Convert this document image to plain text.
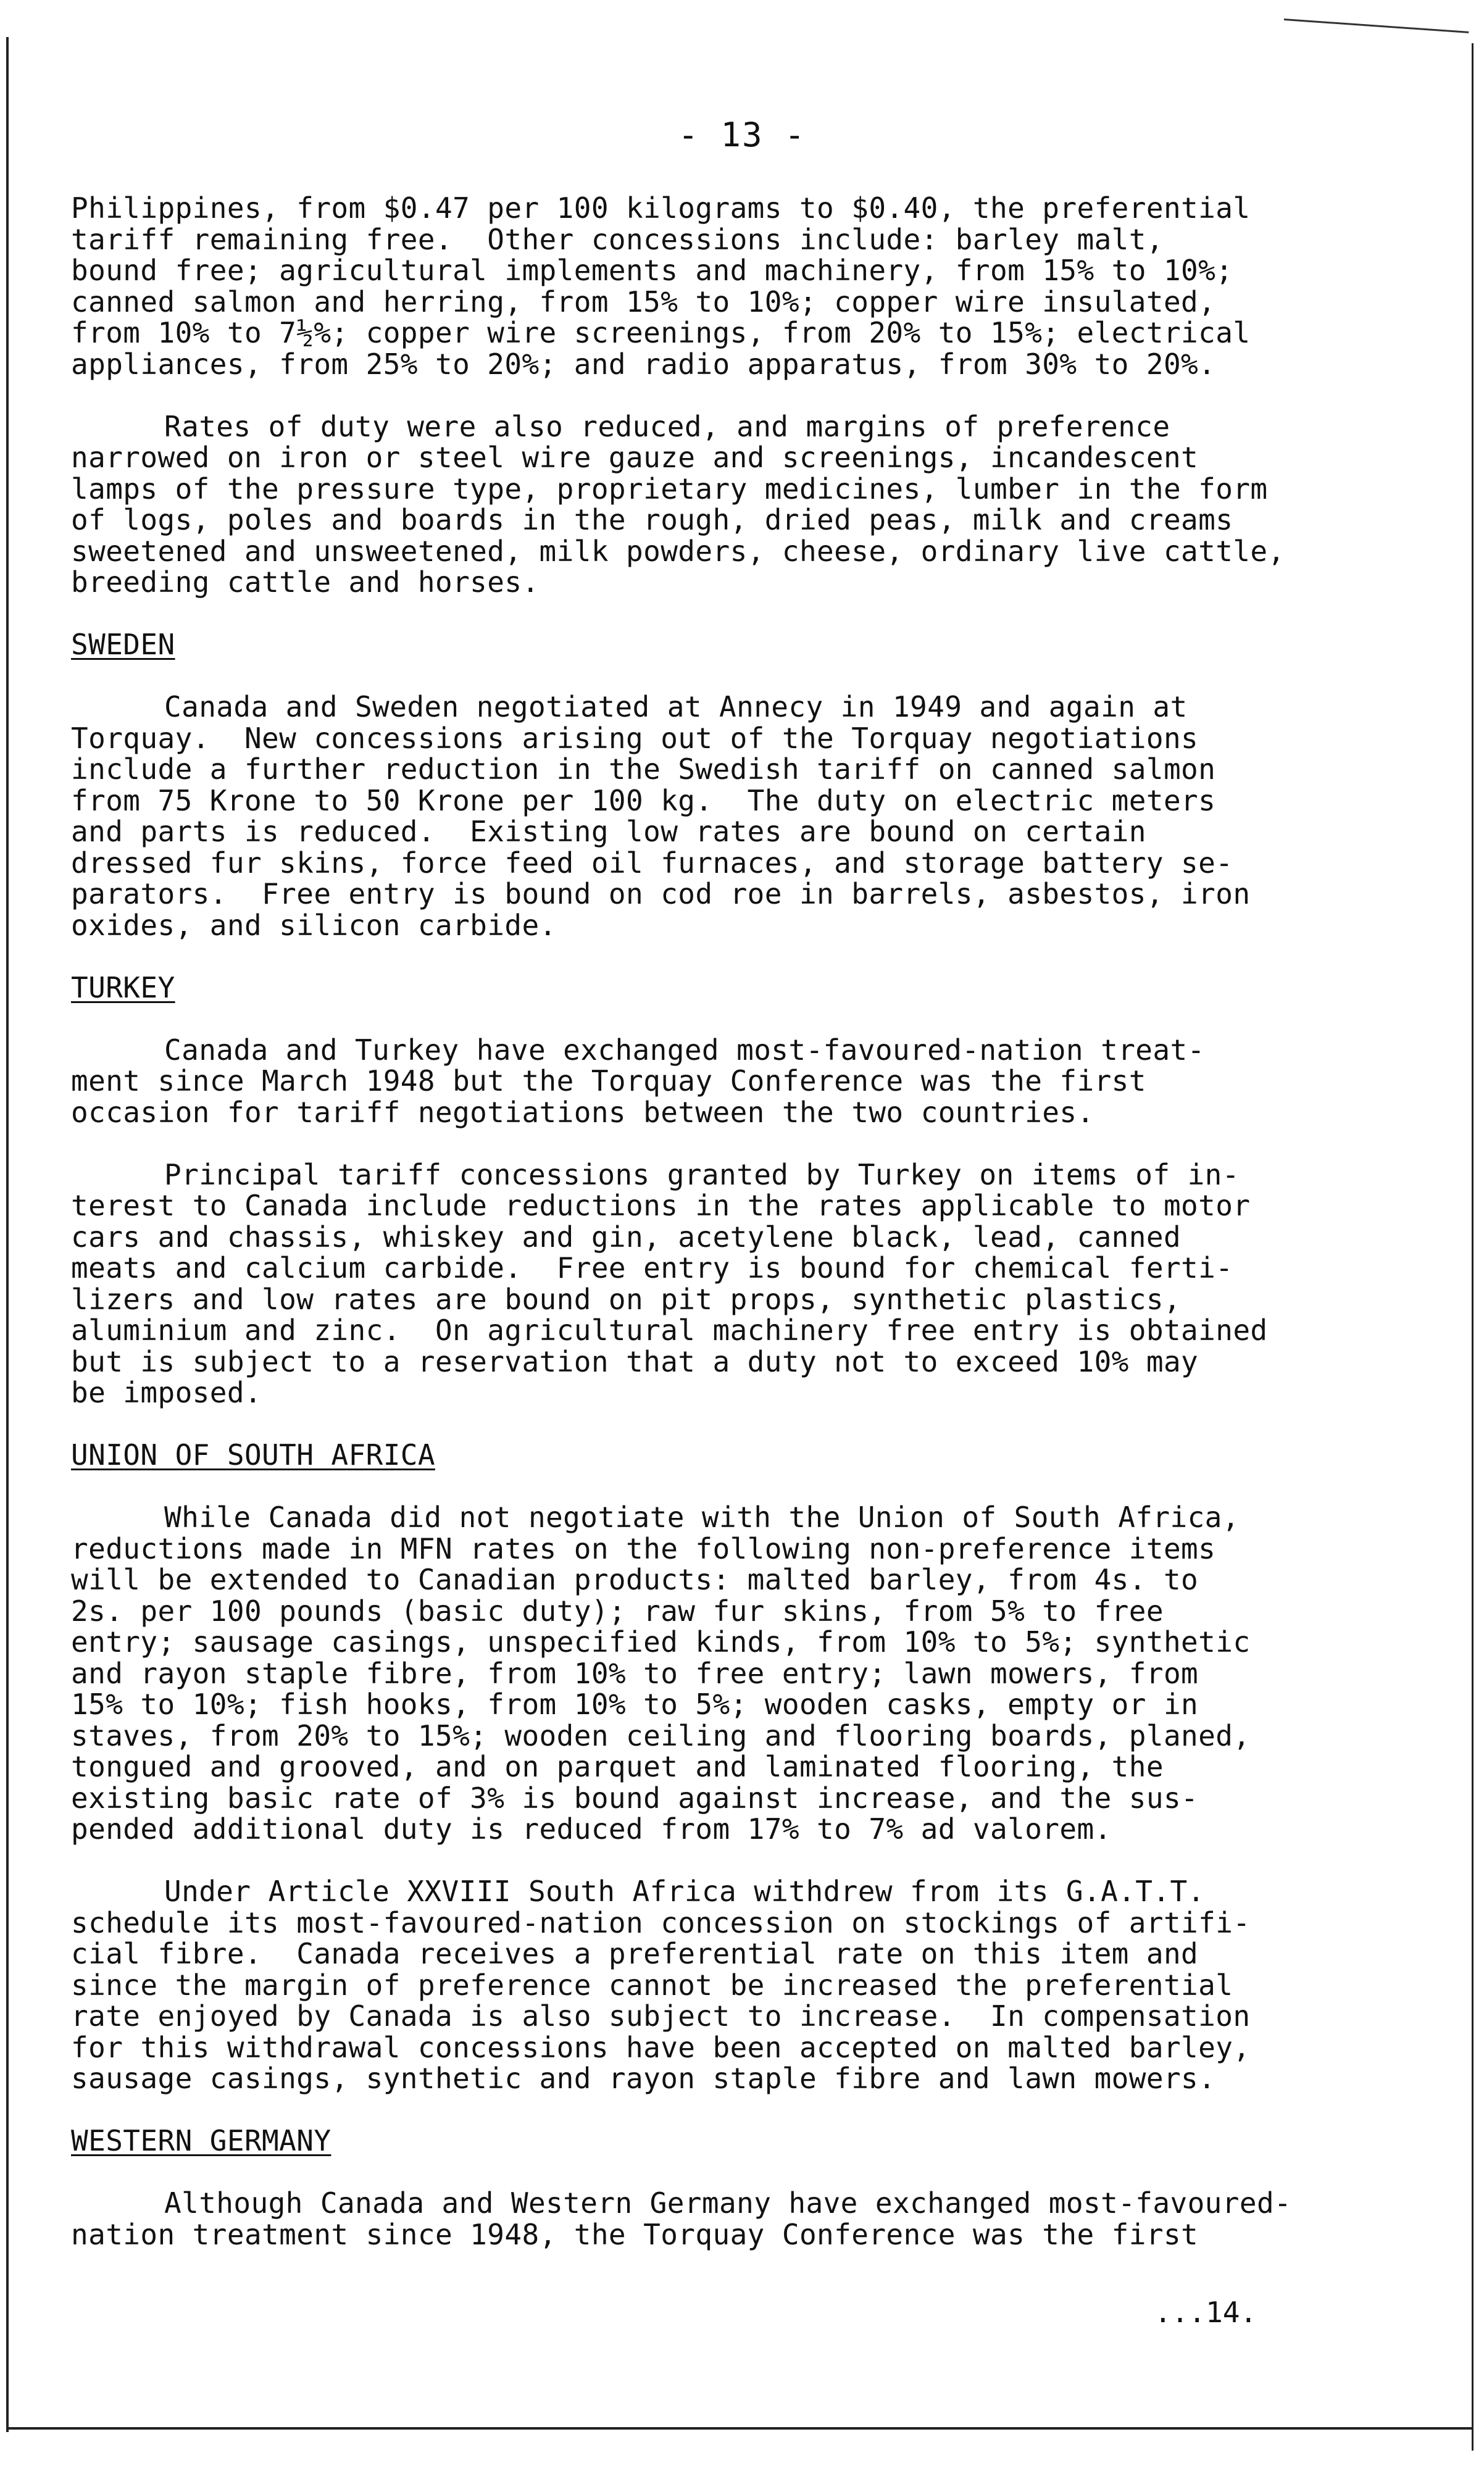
- 13 -
Philippines, from $0.47 per 100 kilograms to $0.40, the preferential
tariff remaining free.  Other concessions include: barley malt,
bound free; agricultural implements and machinery, from 15% to 10%;
canned salmon and herring, from 15% to 10%; copper wire insulated,
from 10% to 7½%; copper wire screenings, from 20% to 15%; electrical
appliances, from 25% to 20%; and radio apparatus, from 30% to 20%.
Rates of duty were also reduced, and margins of preference
narrowed on iron or steel wire gauze and screenings, incandescent
lamps of the pressure type, proprietary medicines, lumber in the form
of logs, poles and boards in the rough, dried peas, milk and creams
sweetened and unsweetened, milk powders, cheese, ordinary live cattle,
breeding cattle and horses.
SWEDEN
Canada and Sweden negotiated at Annecy in 1949 and again at
Torquay.  New concessions arising out of the Torquay negotiations
include a further reduction in the Swedish tariff on canned salmon
from 75 Krone to 50 Krone per 100 kg.  The duty on electric meters
and parts is reduced.  Existing low rates are bound on certain
dressed fur skins, force feed oil furnaces, and storage battery se-
parators.  Free entry is bound on cod roe in barrels, asbestos, iron
oxides, and silicon carbide.
TURKEY
Canada and Turkey have exchanged most-favoured-nation treat-
ment since March 1948 but the Torquay Conference was the first
occasion for tariff negotiations between the two countries.
Principal tariff concessions granted by Turkey on items of in-
terest to Canada include reductions in the rates applicable to motor
cars and chassis, whiskey and gin, acetylene black, lead, canned
meats and calcium carbide.  Free entry is bound for chemical ferti-
lizers and low rates are bound on pit props, synthetic plastics,
aluminium and zinc.  On agricultural machinery free entry is obtained
but is subject to a reservation that a duty not to exceed 10% may
be imposed.
UNION OF SOUTH AFRICA
While Canada did not negotiate with the Union of South Africa,
reductions made in MFN rates on the following non-preference items
will be extended to Canadian products: malted barley, from 4s. to
2s. per 100 pounds (basic duty); raw fur skins, from 5% to free
entry; sausage casings, unspecified kinds, from 10% to 5%; synthetic
and rayon staple fibre, from 10% to free entry; lawn mowers, from
15% to 10%; fish hooks, from 10% to 5%; wooden casks, empty or in
staves, from 20% to 15%; wooden ceiling and flooring boards, planed,
tongued and grooved, and on parquet and laminated flooring, the
existing basic rate of 3% is bound against increase, and the sus-
pended additional duty is reduced from 17% to 7% ad valorem.
Under Article XXVIII South Africa withdrew from its G.A.T.T.
schedule its most-favoured-nation concession on stockings of artifi-
cial fibre.  Canada receives a preferential rate on this item and
since the margin of preference cannot be increased the preferential
rate enjoyed by Canada is also subject to increase.  In compensation
for this withdrawal concessions have been accepted on malted barley,
sausage casings, synthetic and rayon staple fibre and lawn mowers.
WESTERN GERMANY
Although Canada and Western Germany have exchanged most-favoured-
nation treatment since 1948, the Torquay Conference was the first
...14.
